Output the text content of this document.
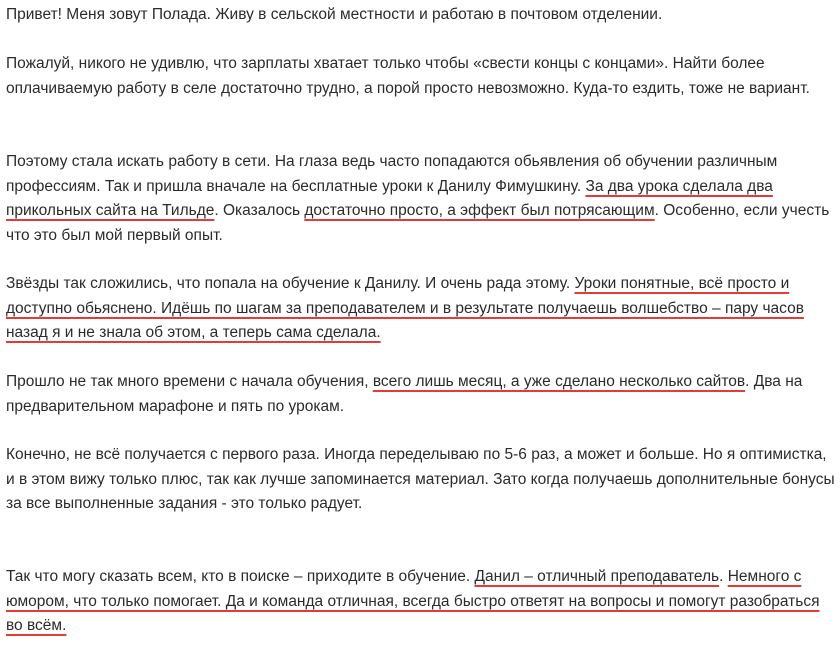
Привет! Меня зовут Полада. Живу в сельской местности и работаю в почтовом отделении.

Пожалуй, никого не удивлю, что зарплаты хватает только чтобы «свести концы с концами». Найти более оплачиваемую работу в селе достаточно трудно, а порой просто невозможно. Куда-то ездить, тоже не вариант.

Поэтому стала искать работу в сети. На глаза ведь часто попадаются обьявления об обучении различным профессиям. Так и пришла вначале на бесплатные уроки к Данилу Фимушкину. За два урока сделала два прикольных сайта на Тильде. Оказалось достаточно просто, а эффект был потрясающим. Особенно, если учесть что это был мой первый опыт.

Звёзды так сложились, что попала на обучение к Данилу. И очень рада этому. Уроки понятные, всё просто и доступно обьяснено. Идёшь по шагам за преподавателем и в результате получаешь волшебство – пару часов назад я и не знала об этом, а теперь сама сделала.

Прошло не так много времени с начала обучения, всего лишь месяц, а уже сделано несколько сайтов. Два на предварительном марафоне и пять по урокам.

Конечно, не всё получается с первого раза. Иногда переделываю по 5-6 раз, а может и больше. Но я оптимистка, и в этом вижу только плюс, так как лучше запоминается материал. Зато когда получаешь дополнительные бонусы за все выполненные задания - это только радует.

Так что могу сказать всем, кто в поиске – приходите в обучение. Данил – отличный преподаватель. Немного с юмором, что только помогает. Да и команда отличная, всегда быстро ответят на вопросы и помогут разобраться во всём.
